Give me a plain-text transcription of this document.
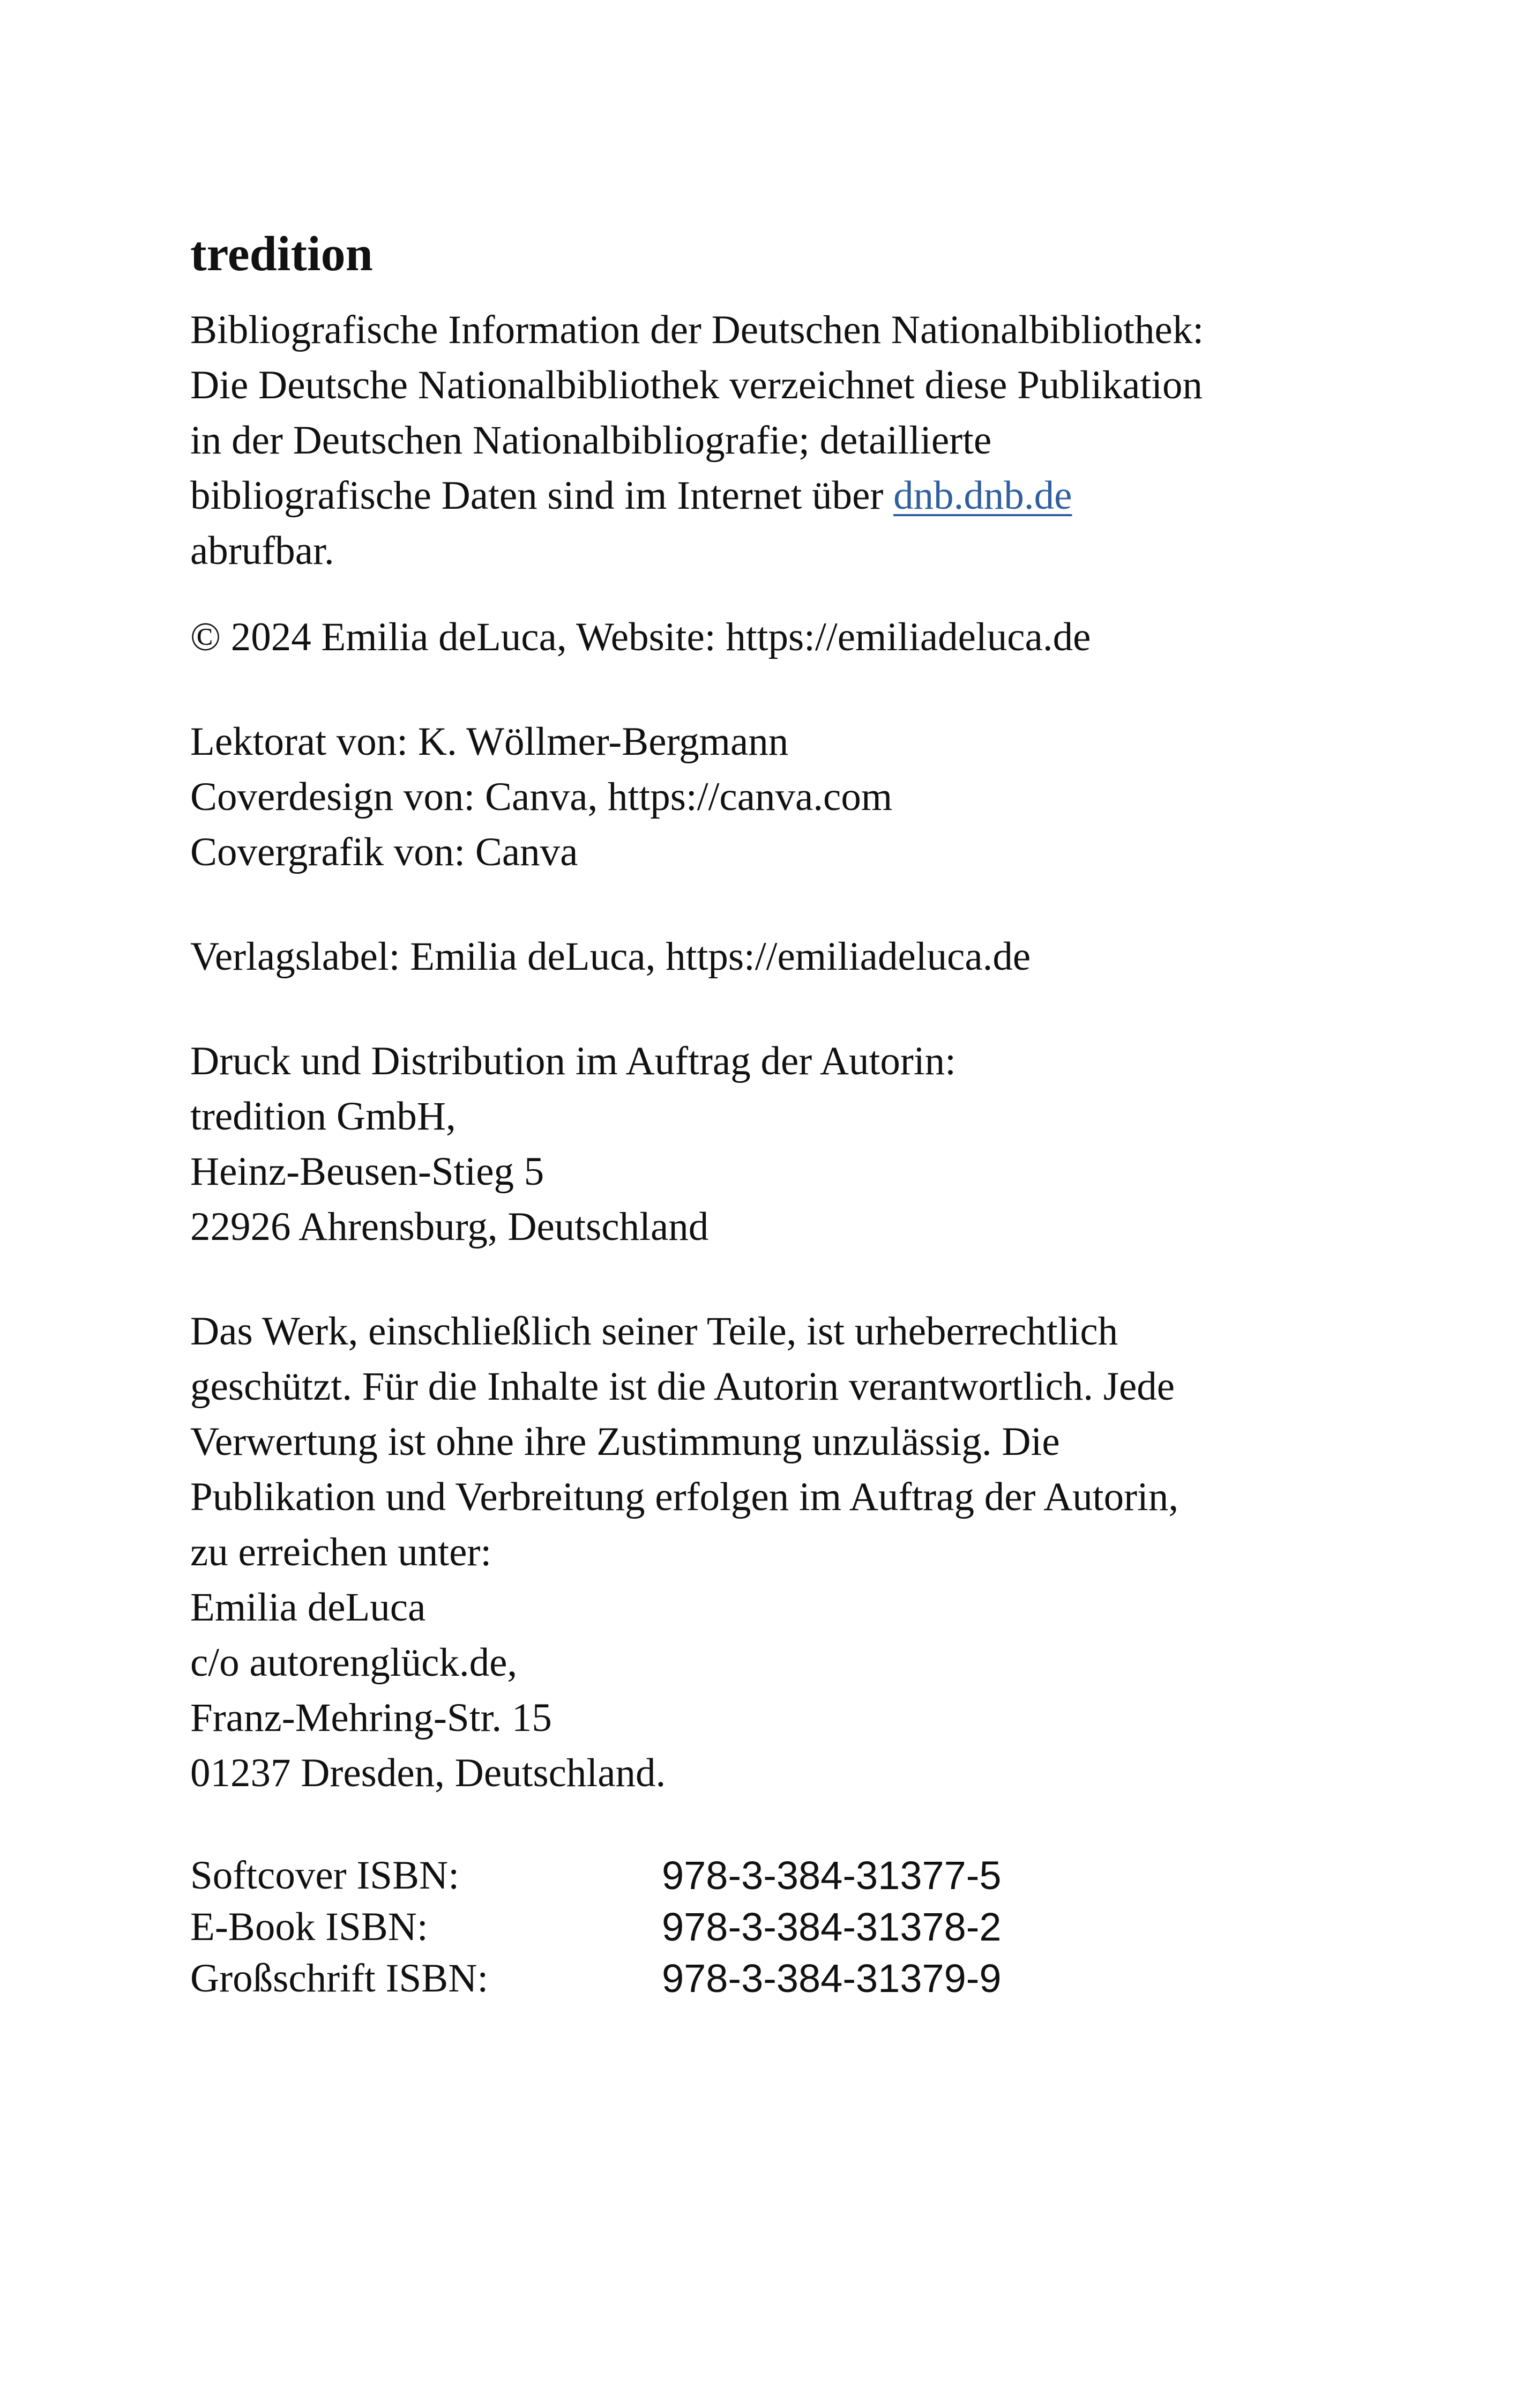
tredition
Bibliografische Information der Deutschen Nationalbibliothek:
Die Deutsche Nationalbibliothek verzeichnet diese Publikation
in der Deutschen Nationalbibliografie; detaillierte
bibliografische Daten sind im Internet über dnb.dnb.de
abrufbar.
© 2024 Emilia deLuca, Website: https://emiliadeluca.de
Lektorat von: K. Wöllmer-Bergmann
Coverdesign von: Canva, https://canva.com
Covergrafik von: Canva
Verlagslabel: Emilia deLuca, https://emiliadeluca.de
Druck und Distribution im Auftrag der Autorin:
tredition GmbH,
Heinz-Beusen-Stieg 5
22926 Ahrensburg, Deutschland
Das Werk, einschließlich seiner Teile, ist urheberrechtlich
geschützt. Für die Inhalte ist die Autorin verantwortlich. Jede
Verwertung ist ohne ihre Zustimmung unzulässig. Die
Publikation und Verbreitung erfolgen im Auftrag der Autorin,
zu erreichen unter:
Emilia deLuca
c/o autorenglück.de,
Franz-Mehring-Str. 15
01237 Dresden, Deutschland.
Softcover ISBN:	978-3-384-31377-5
E-Book ISBN:	978-3-384-31378-2
Großschrift ISBN:	978-3-384-31379-9
